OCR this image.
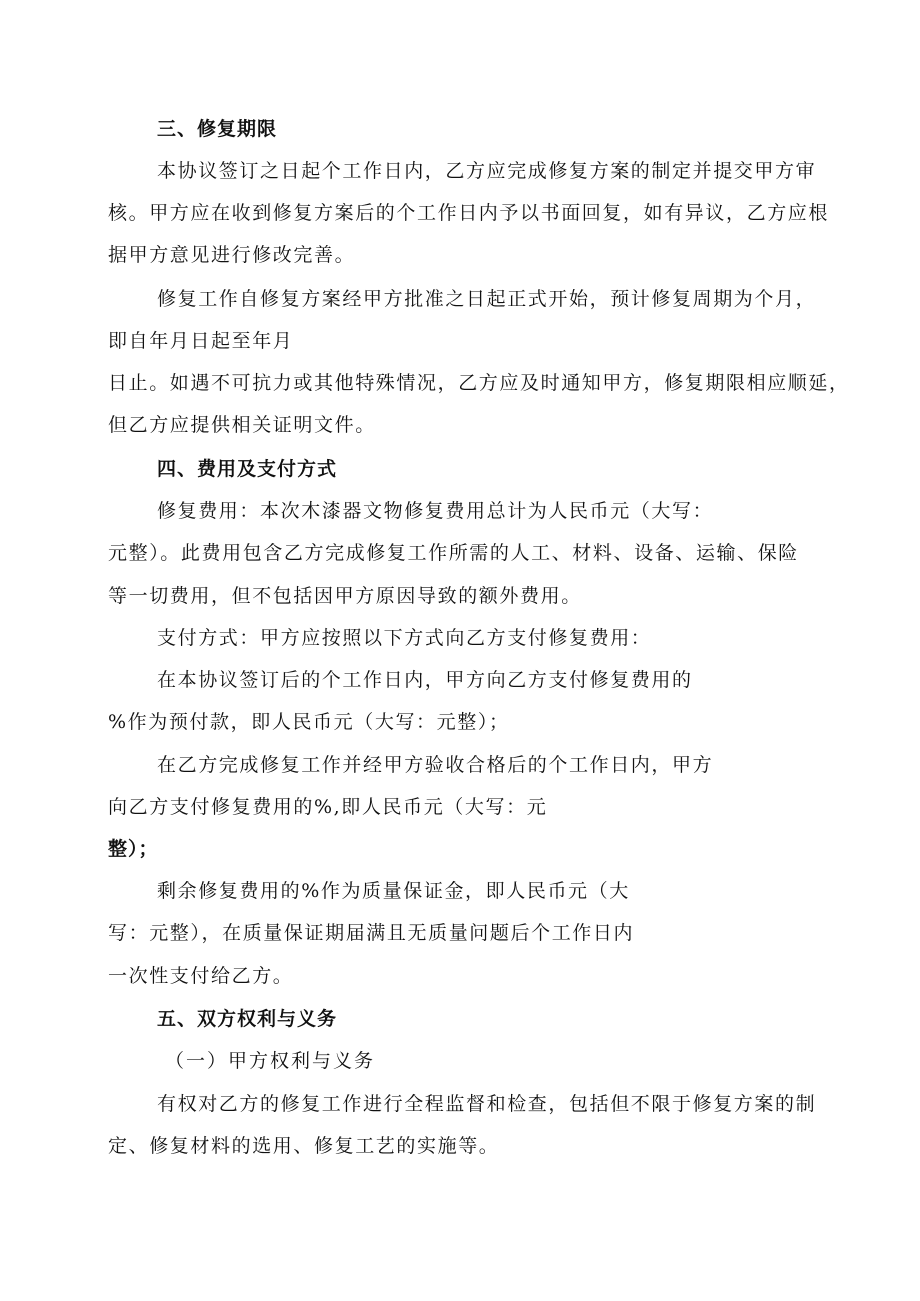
三、修复期限
本协议签订之日起个工作日内，乙方应完成修复方案的制定并提交甲方审
核。甲方应在收到修复方案后的个工作日内予以书面回复，如有异议，乙方应根
据甲方意见进行修改完善。
修复工作自修复方案经甲方批准之日起正式开始，预计修复周期为个月，
即自年月日起至年月
日止。如遇不可抗力或其他特殊情况，乙方应及时通知甲方，修复期限相应顺延，
但乙方应提供相关证明文件。
四、费用及支付方式
修复费用：本次木漆器文物修复费用总计为人民币元（大写：
元整）。此费用包含乙方完成修复工作所需的人工、材料、设备、运输、保险
等一切费用，但不包括因甲方原因导致的额外费用。
支付方式：甲方应按照以下方式向乙方支付修复费用：
在本协议签订后的个工作日内，甲方向乙方支付修复费用的
%作为预付款，即人民币元（大写：元整）；
在乙方完成修复工作并经甲方验收合格后的个工作日内，甲方
向乙方支付修复费用的%,即人民币元（大写：元
整）；
剩余修复费用的%作为质量保证金，即人民币元（大
写：元整），在质量保证期届满且无质量问题后个工作日内
一次性支付给乙方。
五、双方权利与义务
（一）甲方权利与义务
有权对乙方的修复工作进行全程监督和检查，包括但不限于修复方案的制
定、修复材料的选用、修复工艺的实施等。
